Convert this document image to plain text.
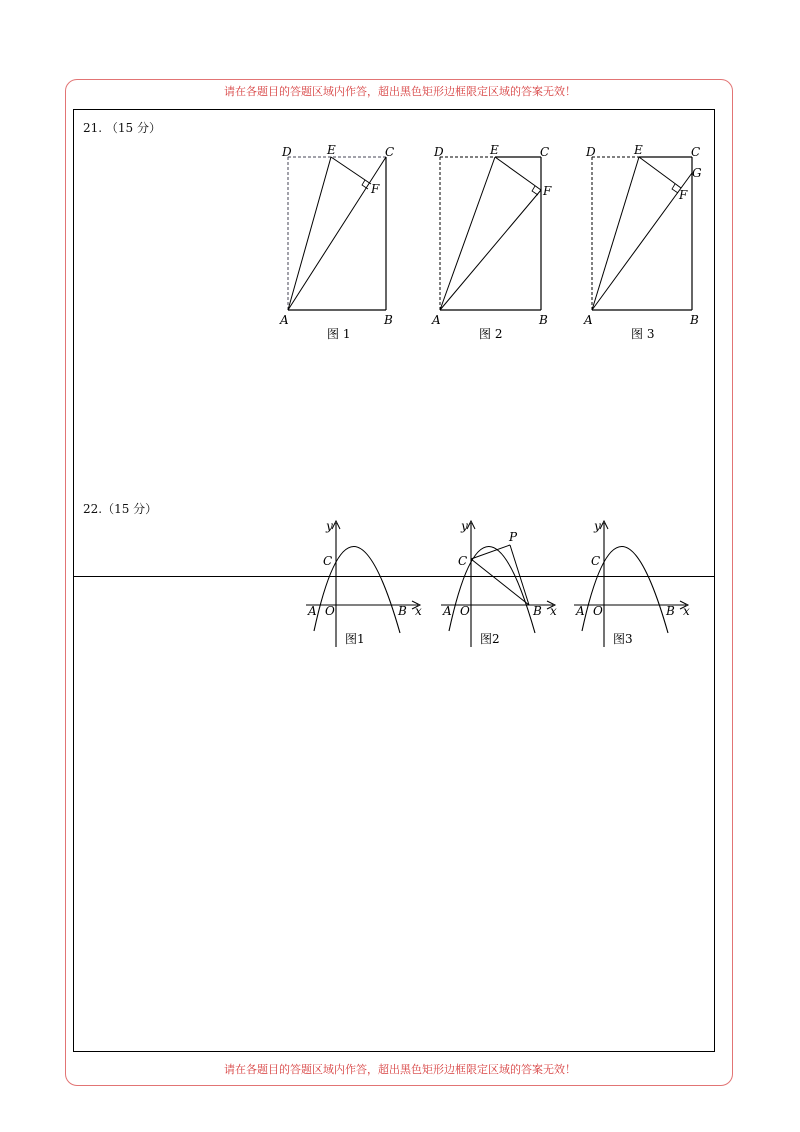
请在各题目的答题区域内作答，超出黑色矩形边框限定区域的答案无效！
请在各题目的答题区域内作答，超出黑色矩形边框限定区域的答案无效！
21. （15 分）
22.（15 分）
D	E	C
F
A	B
图 1
D	E	C
F
A	B
图 2
D	E	C
G
F
A	B
图 3
y
x
C
A O	B
图1
y
x
C
P
A O	B
图2
y
x
C
A O	B
图3
